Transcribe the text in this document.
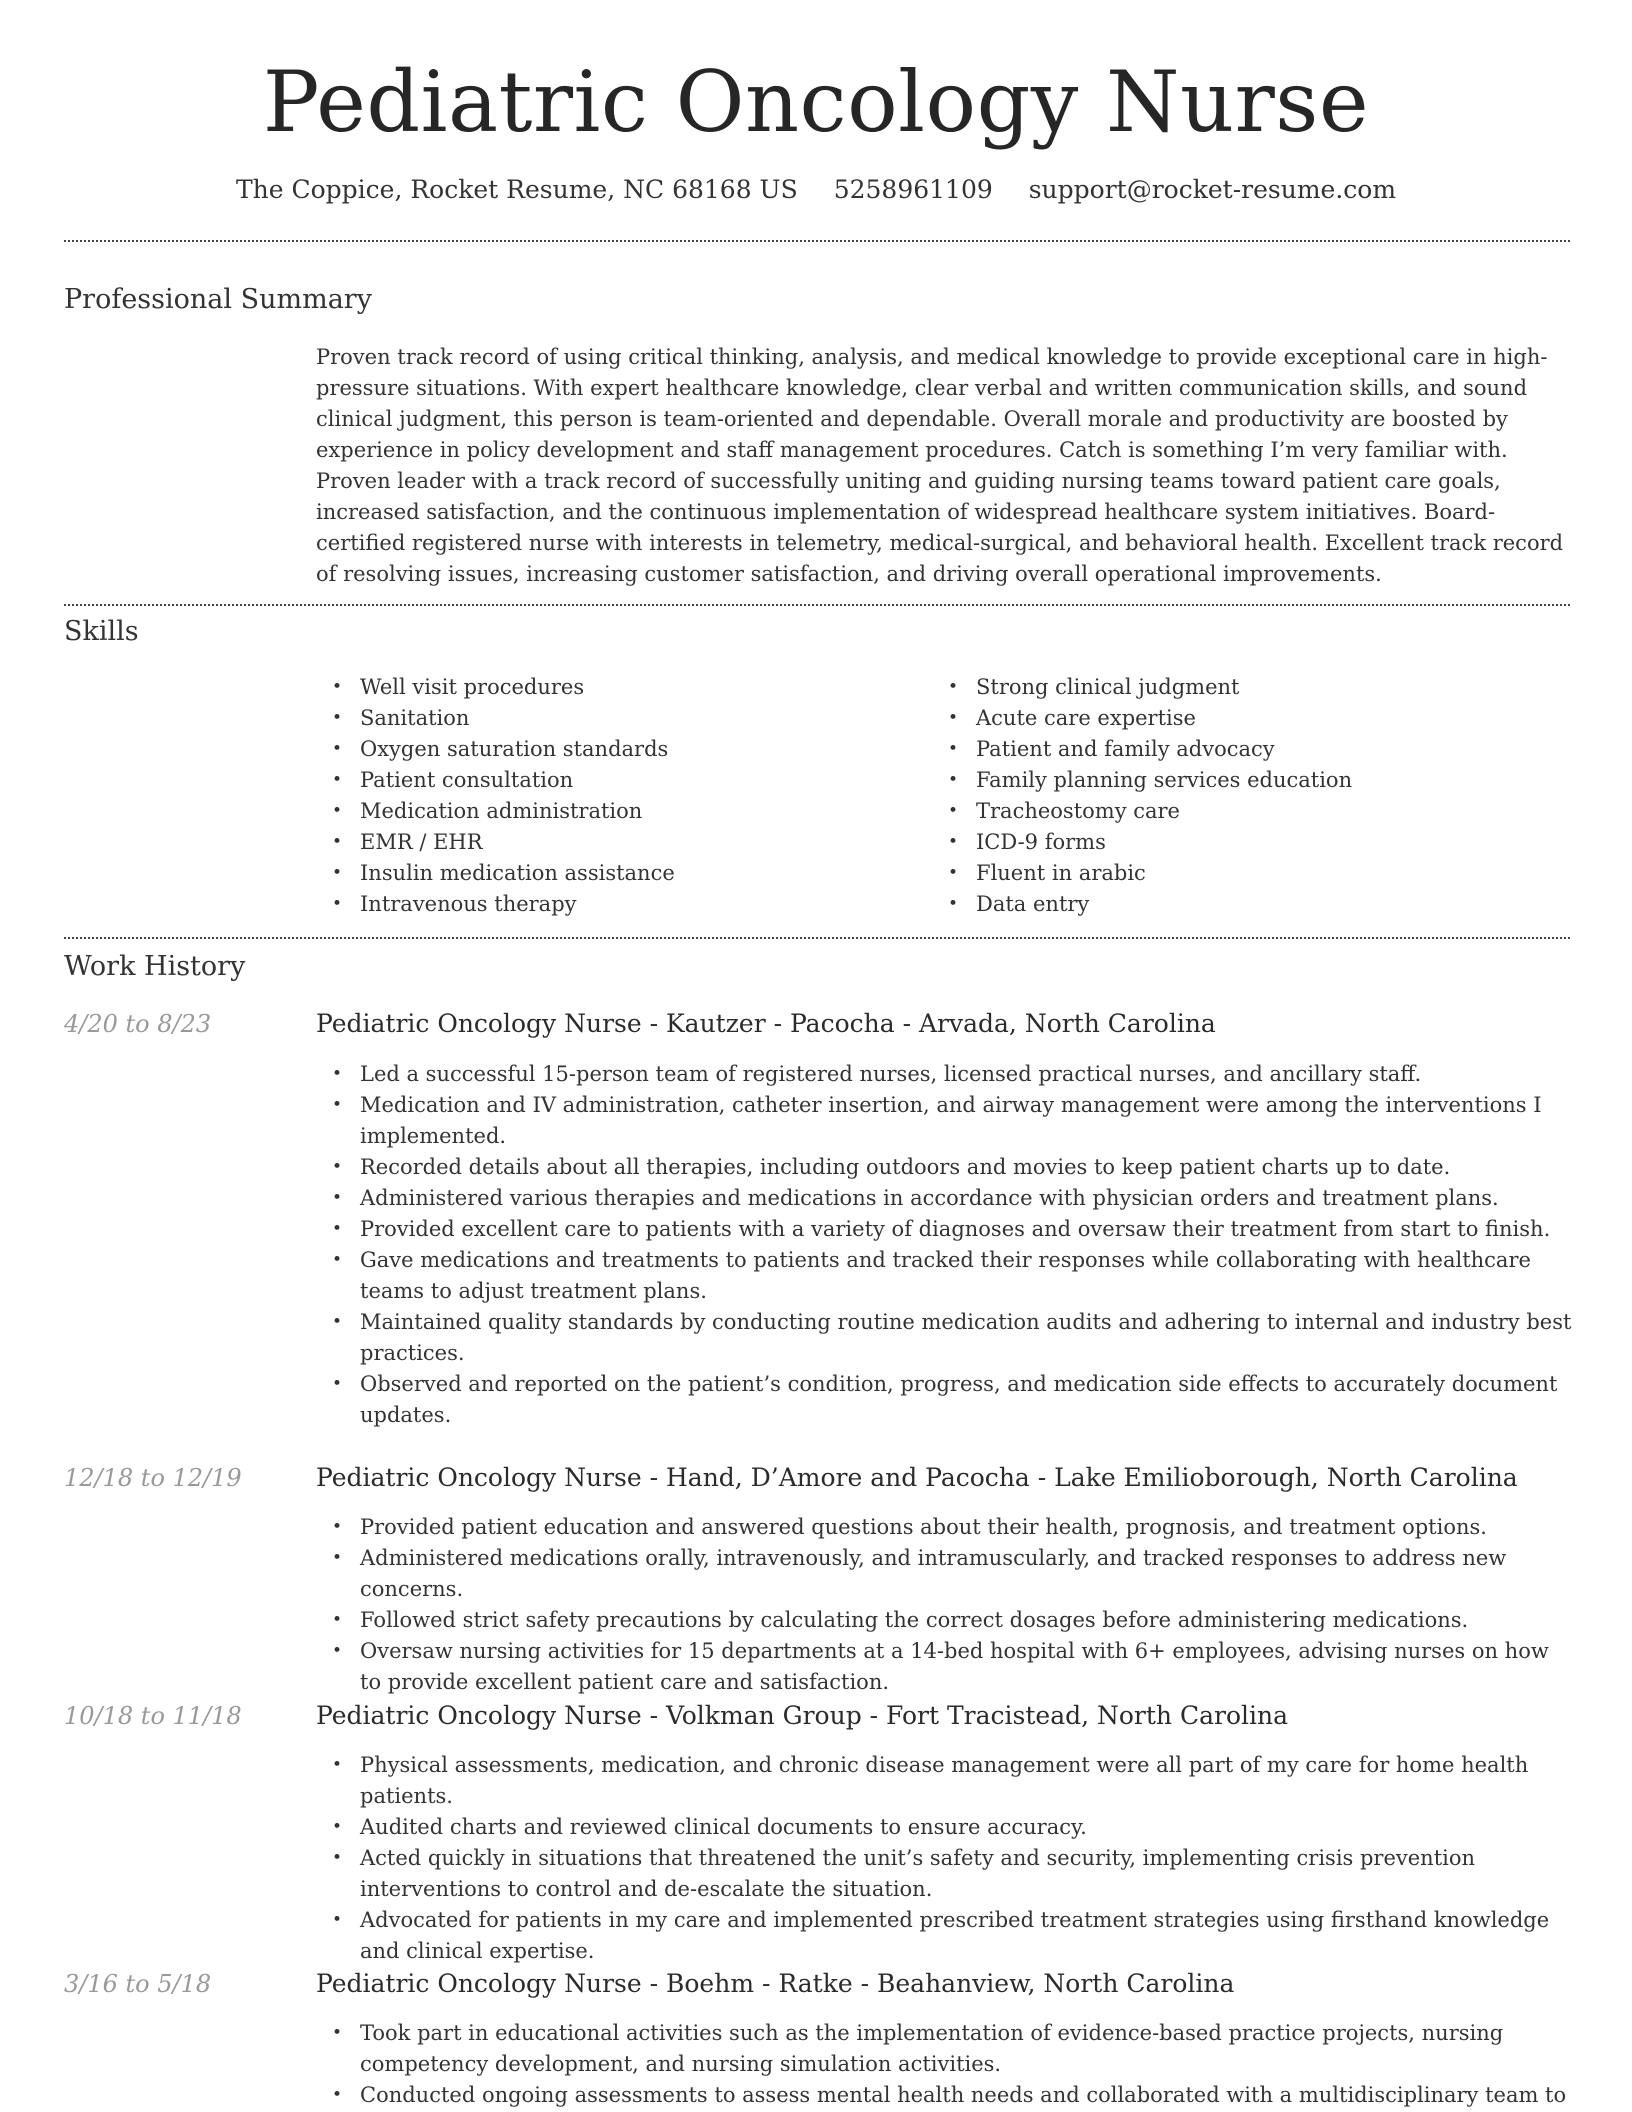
Pediatric Oncology Nurse
The Coppice, Rocket Resume, NC 68168 US 5258961109 support@rocket-resume.com
Professional Summary

Proven track record of using critical thinking, analysis, and medical knowledge to provide exceptional care in high-pressure situations. With expert healthcare knowledge, clear verbal and written communication skills, and sound clinical judgment, this person is team-oriented and dependable. Overall morale and productivity are boosted by experience in policy development and staff management procedures. Catch is something I’m very familiar with. Proven leader with a track record of successfully uniting and guiding nursing teams toward patient care goals, increased satisfaction, and the continuous implementation of widespread healthcare system initiatives. Board-certified registered nurse with interests in telemetry, medical-surgical, and behavioral health. Excellent track record of resolving issues, increasing customer satisfaction, and driving overall operational improvements.

Skills
• Well visit procedures
• Sanitation
• Oxygen saturation standards
• Patient consultation
• Medication administration
• EMR / EHR
• Insulin medication assistance
• Intravenous therapy
• Strong clinical judgment
• Acute care expertise
• Patient and family advocacy
• Family planning services education
• Tracheostomy care
• ICD-9 forms
• Fluent in arabic
• Data entry
Work History
4/20 to 8/23	Pediatric Oncology Nurse - Kautzer - Pacocha - Arvada, North Carolina
• Led a successful 15-person team of registered nurses, licensed practical nurses, and ancillary staff.
• Medication and IV administration, catheter insertion, and airway management were among the interventions I implemented.
• Recorded details about all therapies, including outdoors and movies to keep patient charts up to date.
• Administered various therapies and medications in accordance with physician orders and treatment plans.
• Provided excellent care to patients with a variety of diagnoses and oversaw their treatment from start to finish.
• Gave medications and treatments to patients and tracked their responses while collaborating with healthcare teams to adjust treatment plans.
• Maintained quality standards by conducting routine medication audits and adhering to internal and industry best practices.
• Observed and reported on the patient’s condition, progress, and medication side effects to accurately document updates.
12/18 to 12/19	Pediatric Oncology Nurse - Hand, D’Amore and Pacocha - Lake Emilioborough, North Carolina
• Provided patient education and answered questions about their health, prognosis, and treatment options.
• Administered medications orally, intravenously, and intramuscularly, and tracked responses to address new concerns.
• Followed strict safety precautions by calculating the correct dosages before administering medications.
• Oversaw nursing activities for 15 departments at a 14-bed hospital with 6+ employees, advising nurses on how to provide excellent patient care and satisfaction.
10/18 to 11/18	Pediatric Oncology Nurse - Volkman Group - Fort Tracistead, North Carolina
• Physical assessments, medication, and chronic disease management were all part of my care for home health patients.
• Audited charts and reviewed clinical documents to ensure accuracy.
• Acted quickly in situations that threatened the unit’s safety and security, implementing crisis prevention interventions to control and de-escalate the situation.
• Advocated for patients in my care and implemented prescribed treatment strategies using firsthand knowledge and clinical expertise.
3/16 to 5/18	Pediatric Oncology Nurse - Boehm - Ratke - Beahanview, North Carolina
• Took part in educational activities such as the implementation of evidence-based practice projects, nursing competency development, and nursing simulation activities.
• Conducted ongoing assessments to assess mental health needs and collaborated with a multidisciplinary team to
